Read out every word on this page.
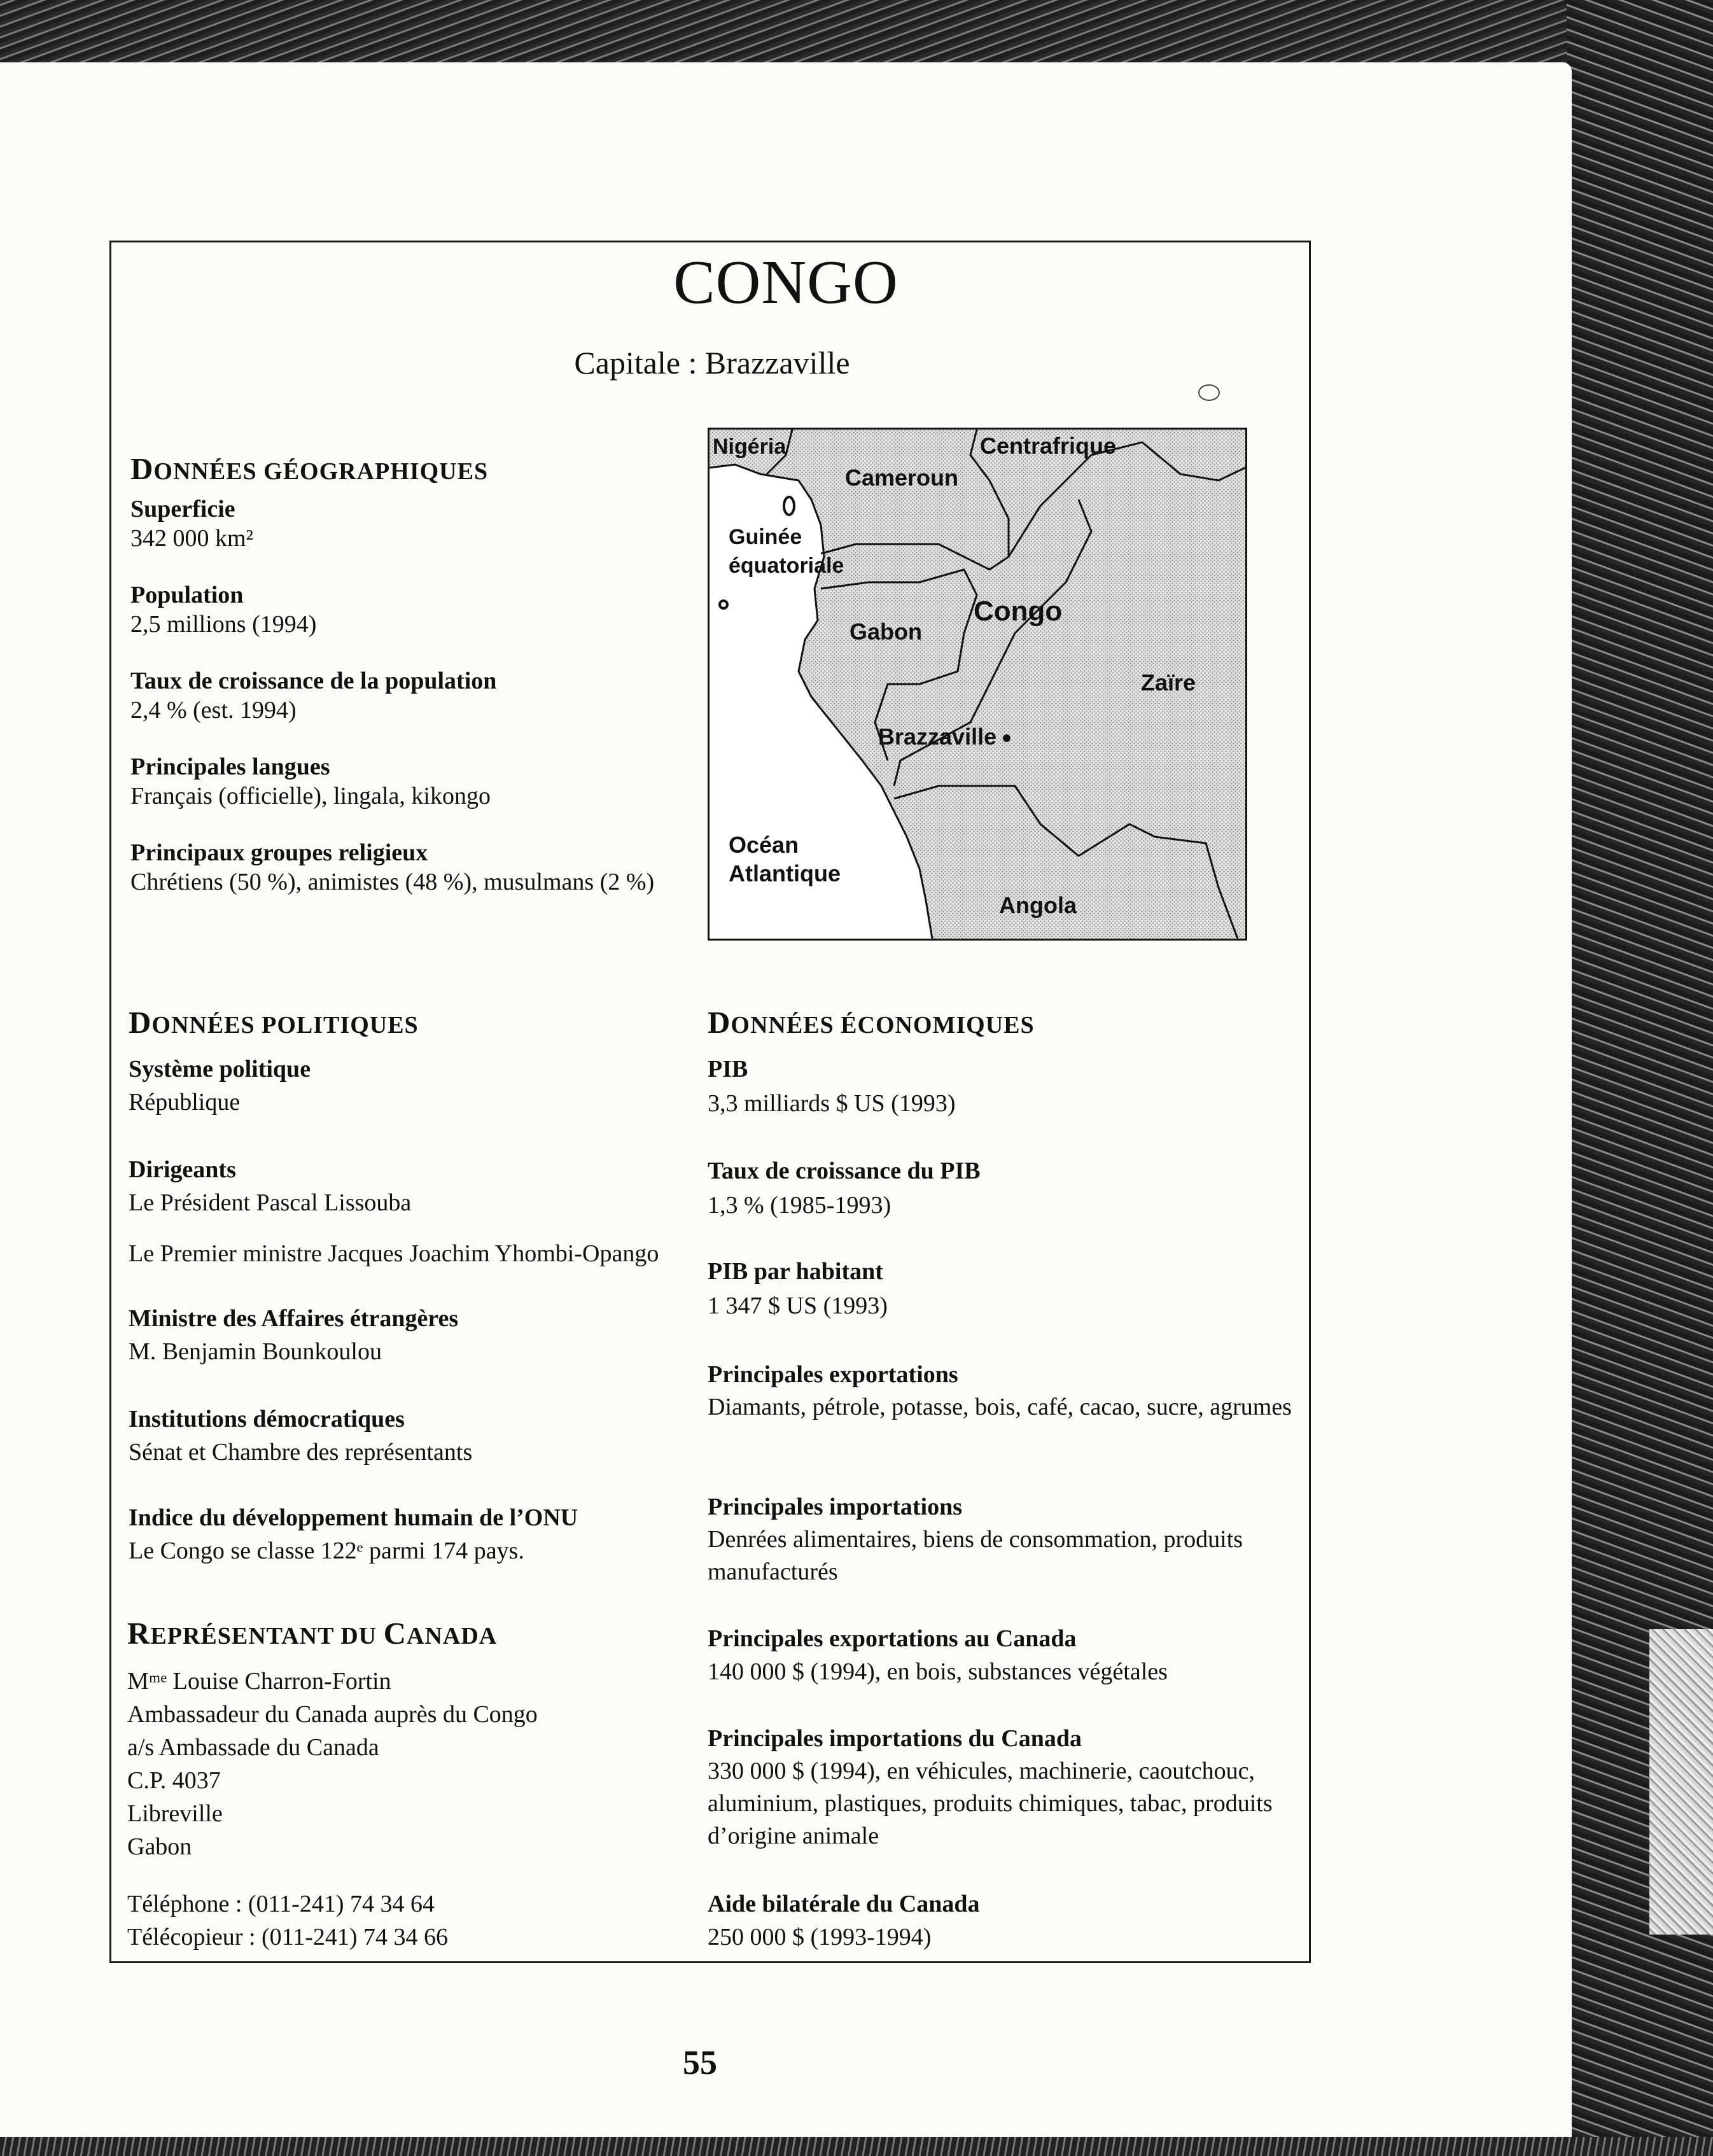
CONGO
Capitale : Brazzaville
DONNÉES GÉOGRAPHIQUES
Superficie
342 000 km²
Population
2,5 millions (1994)
Taux de croissance de la population
2,4 % (est. 1994)
Principales langues
Français (officielle), lingala, kikongo
Principaux groupes religieux
Chrétiens (50 %), animistes (48 %), musulmans (2 %)
Nigéria	Centrafrique
Cameroun
Guinée
équatoriale
Gabon
Congo
Zaïre
Brazzaville
Océan
Atlantique
Angola
DONNÉES POLITIQUES
Système politique
République
Dirigeants
Le Président Pascal Lissouba
Le Premier ministre Jacques Joachim Yhombi-Opango
Ministre des Affaires étrangères
M. Benjamin Bounkoulou
Institutions démocratiques
Sénat et Chambre des représentants
Indice du développement humain de l’ONU
Le Congo se classe 122ᵉ parmi 174 pays.
REPRÉSENTANT DU CANADA
Mᵐᵉ Louise Charron-Fortin
Ambassadeur du Canada auprès du Congo
a/s Ambassade du Canada
C.P. 4037
Libreville
Gabon
Téléphone : (011-241) 74 34 64
Télécopieur : (011-241) 74 34 66
DONNÉES ÉCONOMIQUES
PIB
3,3 milliards $ US (1993)
Taux de croissance du PIB
1,3 % (1985-1993)
PIB par habitant
1 347 $ US (1993)
Principales exportations
Diamants, pétrole, potasse, bois, café, cacao, sucre, agrumes
Principales importations
Denrées alimentaires, biens de consommation, produits manufacturés
Principales exportations au Canada
140 000 $ (1994), en bois, substances végétales
Principales importations du Canada
330 000 $ (1994), en véhicules, machinerie, caoutchouc, aluminium, plastiques, produits chimiques, tabac, produits d’origine animale
Aide bilatérale du Canada
250 000 $ (1993-1994)
55
